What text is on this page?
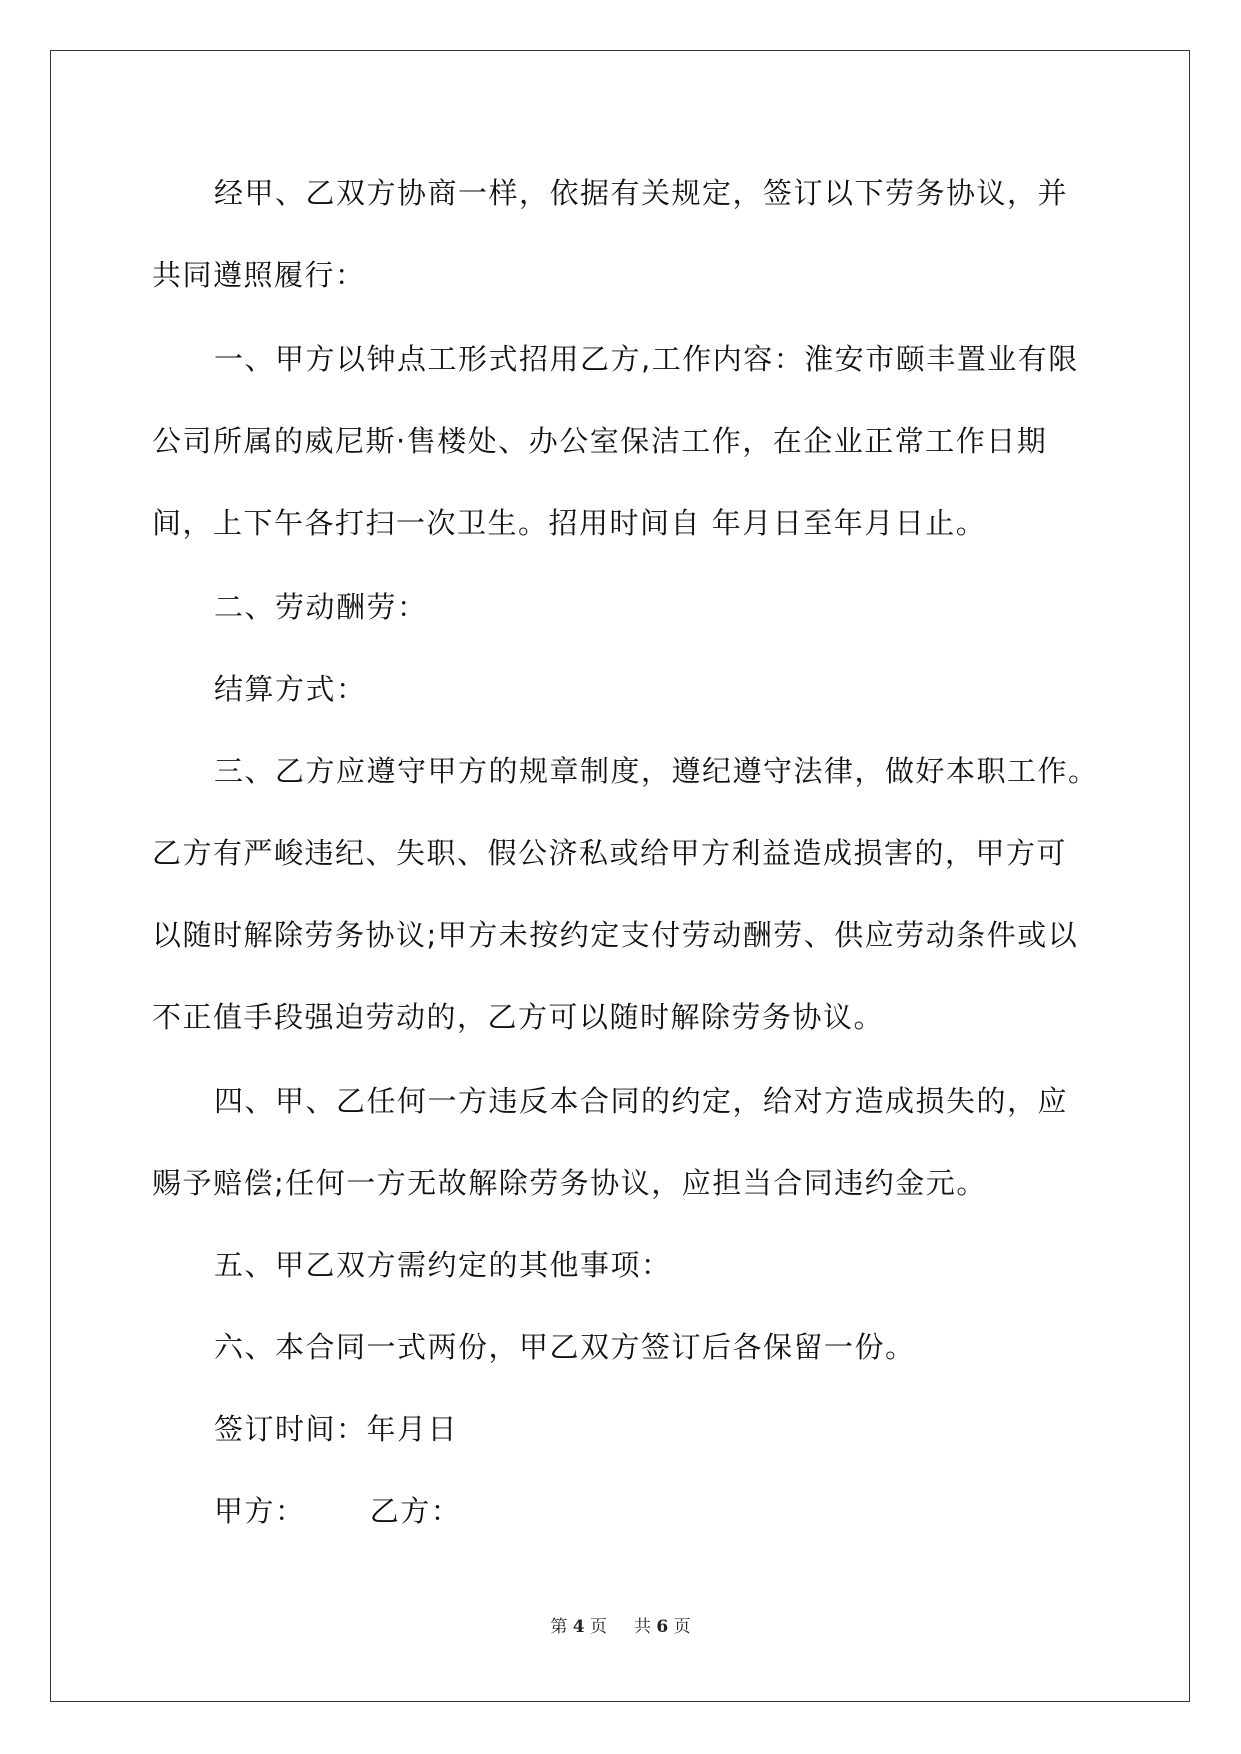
经甲、乙双方协商一样，依据有关规定，签订以下劳务协议，并
共同遵照履行：
一、甲方以钟点工形式招用乙方,工作内容：淮安市颐丰置业有限
公司所属的威尼斯·售楼处、办公室保洁工作，在企业正常工作日期
间，上下午各打扫一次卫生。招用时间自 年月日至年月日止。
二、劳动酬劳：
结算方式：
三、乙方应遵守甲方的规章制度，遵纪遵守法律，做好本职工作。
乙方有严峻违纪、失职、假公济私或给甲方利益造成损害的，甲方可
以随时解除劳务协议;甲方未按约定支付劳动酬劳、供应劳动条件或以
不正值手段强迫劳动的，乙方可以随时解除劳务协议。
四、甲、乙任何一方违反本合同的约定，给对方造成损失的，应
赐予赔偿;任何一方无故解除劳务协议，应担当合同违约金元。
五、甲乙双方需约定的其他事项：
六、本合同一式两份，甲乙双方签订后各保留一份。
签订时间：年月日
甲方：      乙方：
第 4 页 共 6 页
